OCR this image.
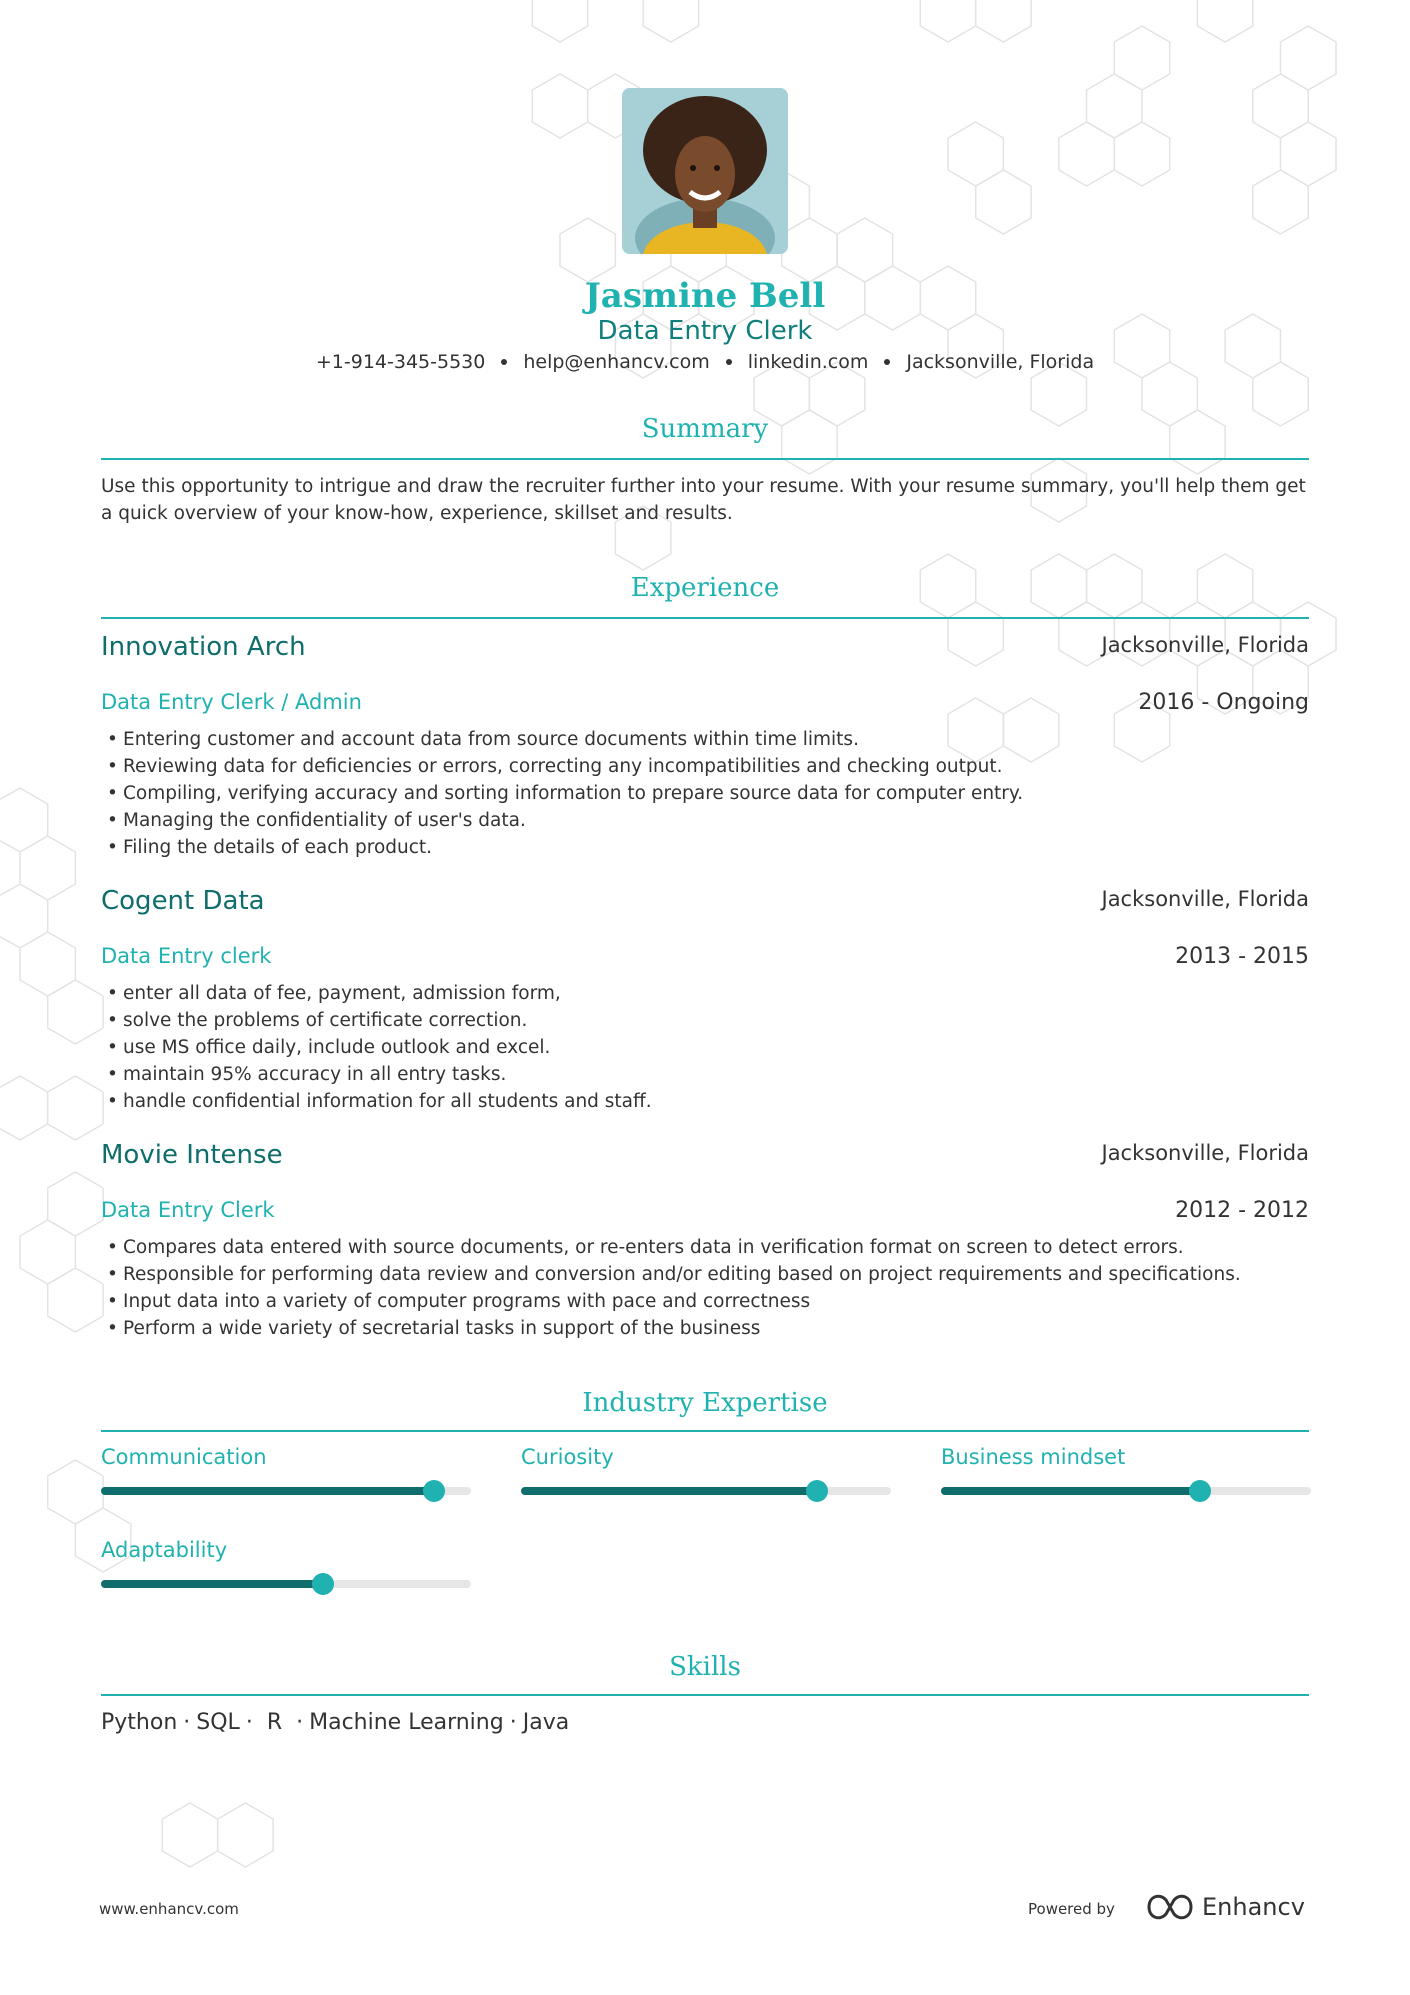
Jasmine Bell
Data Entry Clerk
+1-914-345-5530 help@enhancv.com linkedin.com Jacksonville, Florida
Summary
Use this opportunity to intrigue and draw the recruiter further into your resume. With your resume summary, you'll help them get a quick overview of your know-how, experience, skillset and results.
Experience
Innovation Arch	Jacksonville, Florida
Data Entry Clerk / Admin	2016 - Ongoing
• Entering customer and account data from source documents within time limits.
• Reviewing data for deficiencies or errors, correcting any incompatibilities and checking output.
• Compiling, verifying accuracy and sorting information to prepare source data for computer entry.
• Managing the confidentiality of user's data.
• Filing the details of each product.
Cogent Data	Jacksonville, Florida
Data Entry clerk	2013 - 2015
• enter all data of fee, payment, admission form,
• solve the problems of certificate correction.
• use MS office daily, include outlook and excel.
• maintain 95% accuracy in all entry tasks.
• handle confidential information for all students and staff.
Movie Intense	Jacksonville, Florida
Data Entry Clerk	2012 - 2012
• Compares data entered with source documents, or re-enters data in verification format on screen to detect errors.
• Responsible for performing data review and conversion and/or editing based on project requirements and specifications.
• Input data into a variety of computer programs with pace and correctness
• Perform a wide variety of secretarial tasks in support of the business
Industry Expertise
Communication	Curiosity	Business mindset
Adaptability
Skills
Python · SQL · R · Machine Learning · Java
www.enhancv.com	Powered by	Enhancv
